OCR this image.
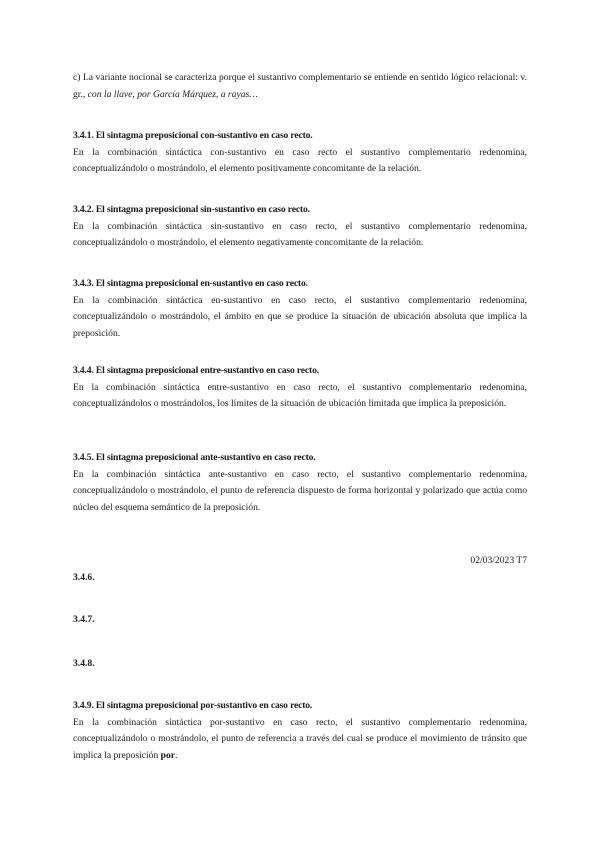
c) La variante nocional se caracteriza porque el sustantivo complementario se entiende en sentido lógico relacional: v. gr., con la llave, por García Márquez, a rayas…

3.4.1. El sintagma preposicional con-sustantivo en caso recto.

En la combinación sintáctica con-sustantivo en caso recto el sustantivo complementario redenomina, conceptualizándolo o mostrándolo, el elemento positivamente concomitante de la relación.

3.4.2. El sintagma preposicional sin-sustantivo en caso recto.

En la combinación sintáctica sin-sustantivo en caso recto, el sustantivo complementario redenomina, conceptualizándolo o mostrándolo, el elemento negativamente concomitante de la relación.

3.4.3. El sintagma preposicional en-sustantivo en caso recto.

En la combinación sintáctica en-sustantivo en caso recto, el sustantivo complementario redenomina, conceptualizándolo o mostrándolo, el ámbito en que se produce la situación de ubicación absoluta que implica la preposición.

3.4.4. El sintagma preposicional entre-sustantivo en caso recto.

En la combinación sintáctica entre-sustantivo en caso recto, el sustantivo complementario redenomina, conceptualizándolos o mostrándolos, los límites de la situación de ubicación limitada que implica la preposición.

3.4.5. El sintagma preposicional ante-sustantivo en caso recto.

En la combinación sintáctica ante-sustantivo en caso recto, el sustantivo complementario redenomina, conceptualizándolo o mostrándolo, el punto de referencia dispuesto de forma horizontal y polarizado que actúa como núcleo del esquema semántico de la preposición.

02/03/2023 T7
3.4.6.
3.4.7.
3.4.8.

3.4.9. El sintagma preposicional por-sustantivo en caso recto.

En la combinación sintáctica por-sustantivo en caso recto, el sustantivo complementario redenomina, conceptualizándolo o mostrándolo, el punto de referencia a través del cual se produce el movimiento de tránsito que implica la preposición por.
